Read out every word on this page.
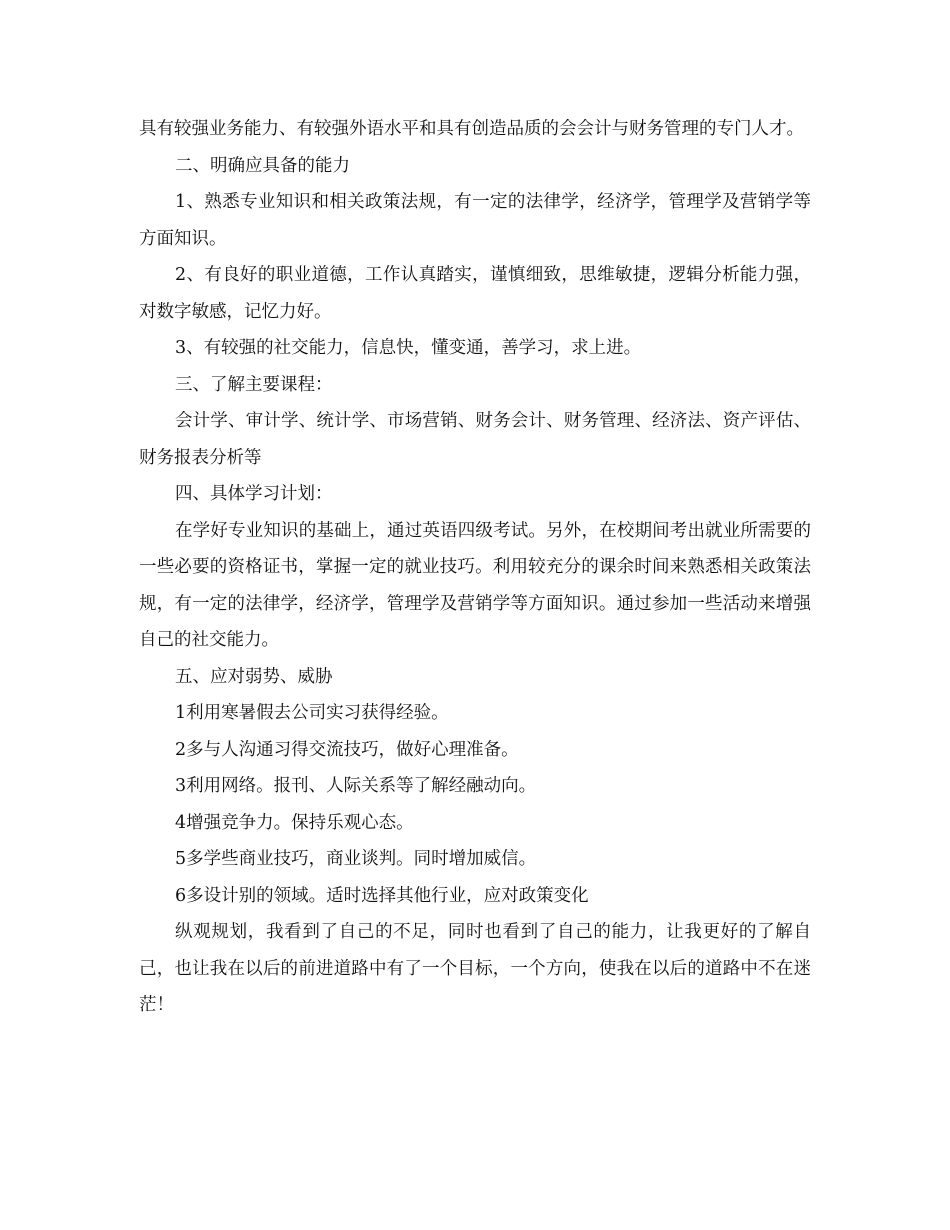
具有较强业务能力、有较强外语水平和具有创造品质的会会计与财务管理的专门人才。

二、明确应具备的能力

1、熟悉专业知识和相关政策法规，有一定的法律学，经济学，管理学及营销学等方面知识。

2、有良好的职业道德，工作认真踏实，谨慎细致，思维敏捷，逻辑分析能力强，对数字敏感，记忆力好。

3、有较强的社交能力，信息快，懂变通，善学习，求上进。

三、了解主要课程：

会计学、审计学、统计学、市场营销、财务会计、财务管理、经济法、资产评估、财务报表分析等

四、具体学习计划：

在学好专业知识的基础上，通过英语四级考试。另外，在校期间考出就业所需要的一些必要的资格证书，掌握一定的就业技巧。利用较充分的课余时间来熟悉相关政策法规，有一定的法律学，经济学，管理学及营销学等方面知识。通过参加一些活动来增强自己的社交能力。

五、应对弱势、威胁

1利用寒暑假去公司实习获得经验。

2多与人沟通习得交流技巧，做好心理准备。

3利用网络。报刊、人际关系等了解经融动向。

4增强竞争力。保持乐观心态。

5多学些商业技巧，商业谈判。同时增加威信。

6多设计别的领域。适时选择其他行业，应对政策变化

纵观规划，我看到了自己的不足，同时也看到了自己的能力，让我更好的了解自己，也让我在以后的前进道路中有了一个目标，一个方向，使我在以后的道路中不在迷茫！
